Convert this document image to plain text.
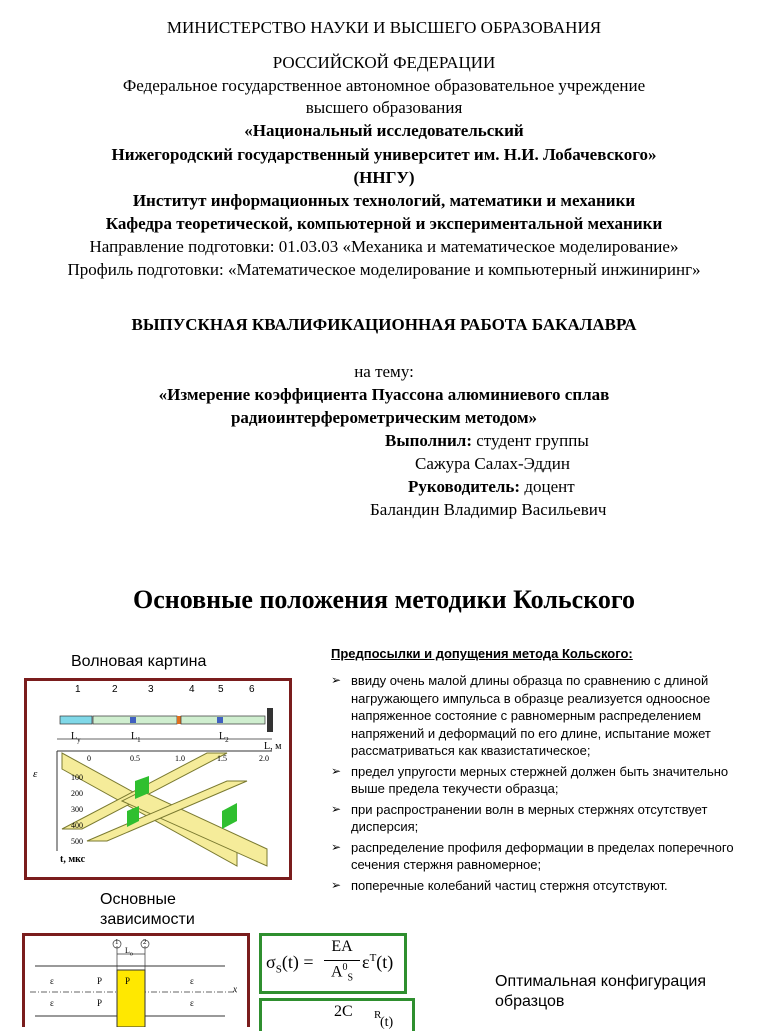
МИНИСТЕРСТВО НАУКИ И ВЫСШЕГО ОБРАЗОВАНИЯ
РОССИЙСКОЙ ФЕДЕРАЦИИ
Федеральное государственное автономное образовательное учреждение
высшего образования
«Национальный исследовательский
Нижегородский государственный университет им. Н.И. Лобачевского»
(ННГУ)
Институт информационных технологий, математики и механики
Кафедра теоретической, компьютерной и экспериментальной механики
Направление подготовки: 01.03.03 «Механика и математическое моделирование»
Профиль подготовки: «Математическое моделирование и компьютерный инжиниринг»
ВЫПУСКНАЯ КВАЛИФИКАЦИОННАЯ РАБОТА БАКАЛАВРА
на тему:
«Измерение коэффициента Пуассона алюминиевого сплав
радиоинтерферометрическим методом»
Выполнил: студент группы
Сажура Салах-Эддин
Руководитель: доцент
Баландин Владимир Васильевич
Основные положения методики Кольского
Волновая картина	Предпосылки и допущения метода Кольского:
➢ ввиду очень малой длины образца по сравнению с длиной нагружающего импульса в образце реализуется одноосное напряженное состояние с равномерным распределением напряжений и деформаций по его длине, испытание может рассматриваться как квазистатическое;
➢ предел упругости мерных стержней должен быть значительно выше предела текучести образца;
➢ при распространении волн в мерных стержнях отсутствует дисперсия;
➢ распределение профиля деформации в пределах поперечного сечения стержня равномерное;
➢ поперечные колебаний частиц стержня отсутствуют.
1	2	3	4 5	6
$L_y$	$L_1$	$L_2$
0	0.5	1.0	1.5	2.0
L, м
100
200
300
400
500
t, мкс
ε
Основные
зависимости
1	2
$L_о$
ε
ε
P
P
P	ε
ε
x
$\sigma_S(t)$ =
EA
$A^0_S$
$\varepsilon^T(t)$
2C R
(t)
Оптимальная конфигурация
образцов
